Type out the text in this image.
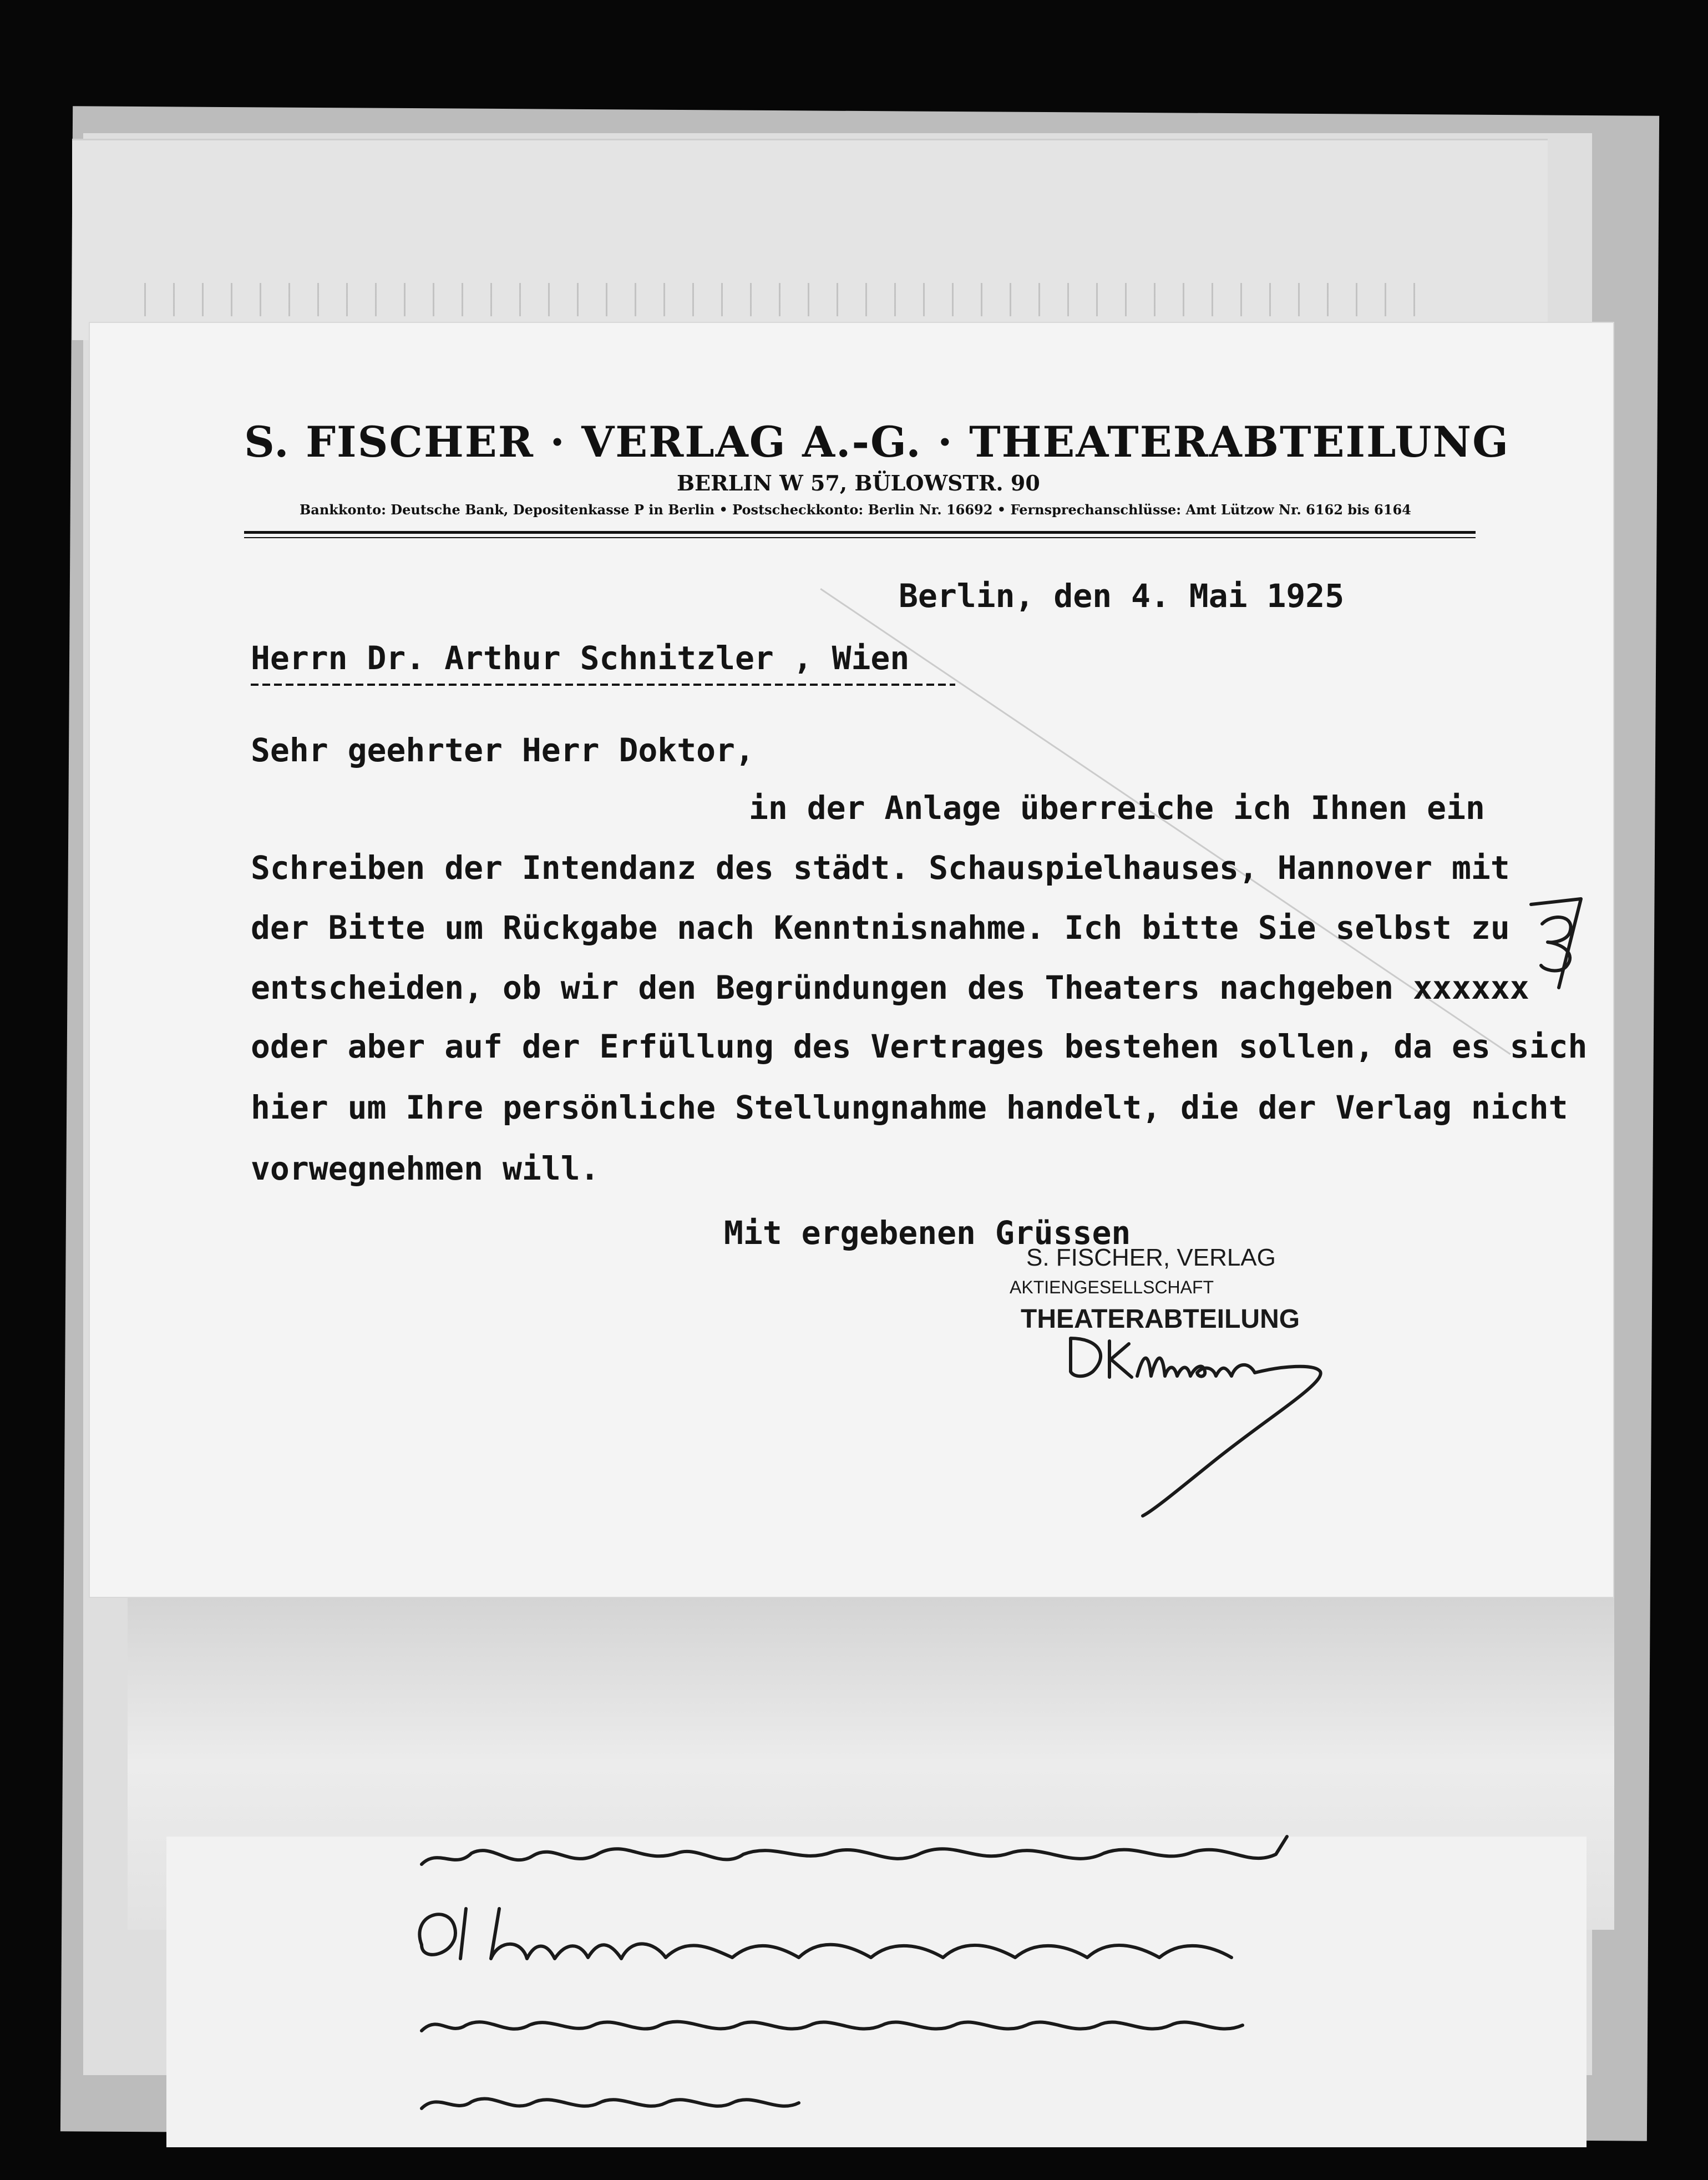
S. FISCHER · VERLAG A.-G. · THEATERABTEILUNG
BERLIN W 57, BÜLOWSTR. 90
Bankkonto: Deutsche Bank, Depositenkasse P in Berlin • Postscheckkonto: Berlin Nr. 16692 • Fernsprechanschlüsse: Amt Lützow Nr. 6162 bis 6164
Berlin, den 4. Mai 1925
Herrn Dr. Arthur Schnitzler , Wien
Sehr geehrter Herr Doktor,
in der Anlage überreiche ich Ihnen ein
Schreiben der Intendanz des städt. Schauspielhauses, Hannover mit
der Bitte um Rückgabe nach Kenntnisnahme. Ich bitte Sie selbst zu
entscheiden, ob wir den Begründungen des Theaters nachgeben xxxxxx
oder aber auf der Erfüllung des Vertrages bestehen sollen, da es sich
hier um Ihre persönliche Stellungnahme handelt, die der Verlag nicht
vorwegnehmen will.
Mit ergebenen Grüssen
S. FISCHER, VERLAG
AKTIENGESELLSCHAFT
THEATERABTEILUNG
